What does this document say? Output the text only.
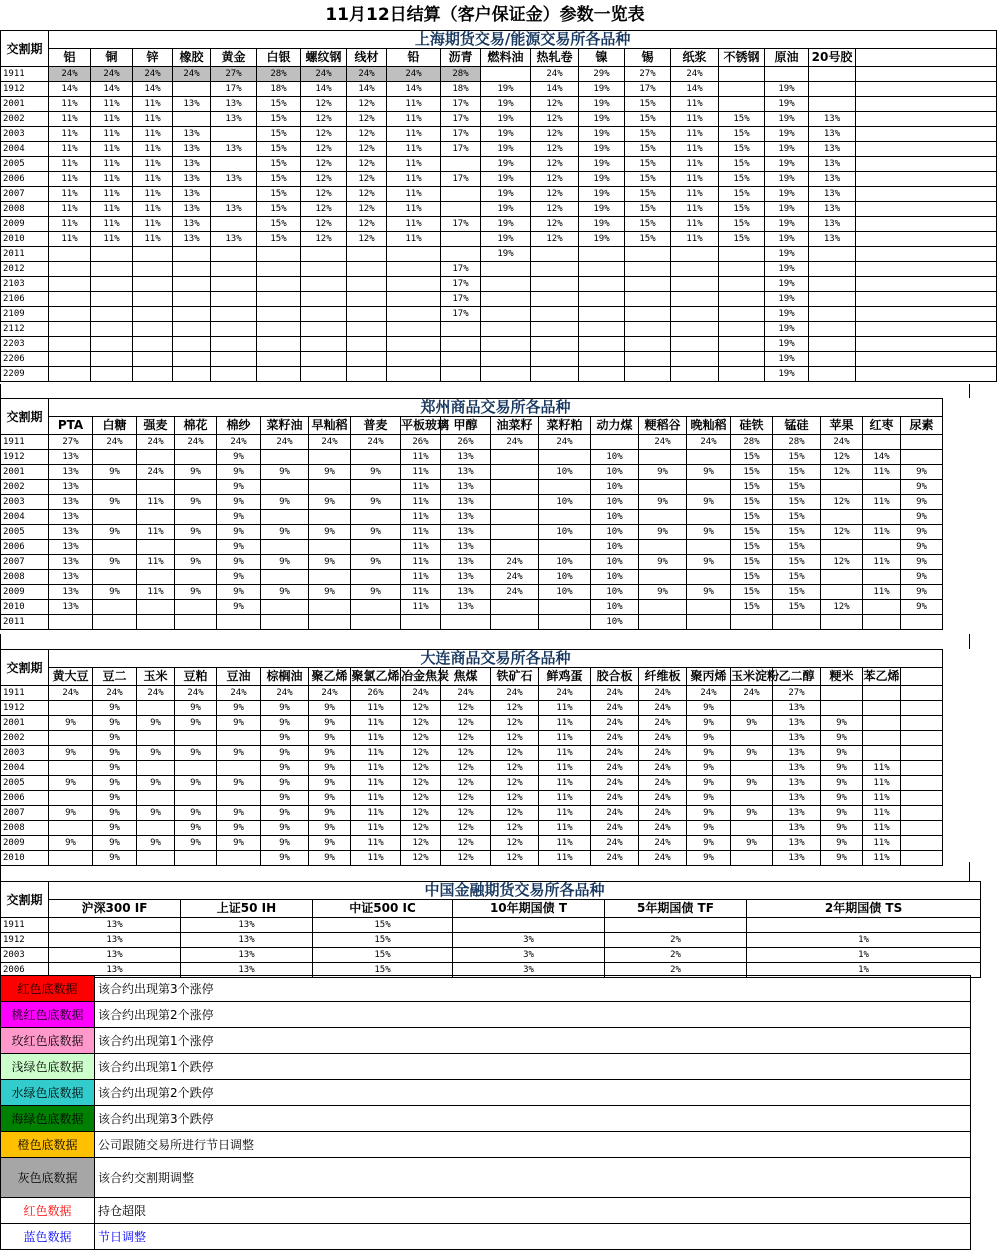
11月12日结算（客户保证金）参数一览表
交割期	上海期货交易/能源交易所各品种																		
	铝	铜	锌	橡胶	黄金	白银	螺纹钢	线材	铅	沥青	燃料油	热轧卷	镍	锡	纸浆	不锈钢	原油	20号胶	
1911	24%	24%	24%	24%	27%	28%	24%	24%	24%	28%		24%	29%	27%	24%				
1912	14%	14%	14%		17%	18%	14%	14%	14%	18%	19%	14%	19%	17%	14%		19%		
2001	11%	11%	11%	13%	13%	15%	12%	12%	11%	17%	19%	12%	19%	15%	11%		19%		
2002	11%	11%	11%		13%	15%	12%	12%	11%	17%	19%	12%	19%	15%	11%	15%	19%	13%	
2003	11%	11%	11%	13%		15%	12%	12%	11%	17%	19%	12%	19%	15%	11%	15%	19%	13%	
2004	11%	11%	11%	13%	13%	15%	12%	12%	11%	17%	19%	12%	19%	15%	11%	15%	19%	13%	
2005	11%	11%	11%	13%		15%	12%	12%	11%		19%	12%	19%	15%	11%	15%	19%	13%	
2006	11%	11%	11%	13%	13%	15%	12%	12%	11%	17%	19%	12%	19%	15%	11%	15%	19%	13%	
2007	11%	11%	11%	13%		15%	12%	12%	11%		19%	12%	19%	15%	11%	15%	19%	13%	
2008	11%	11%	11%	13%	13%	15%	12%	12%	11%		19%	12%	19%	15%	11%	15%	19%	13%	
2009	11%	11%	11%	13%		15%	12%	12%	11%	17%	19%	12%	19%	15%	11%	15%	19%	13%	
2010	11%	11%	11%	13%	13%	15%	12%	12%	11%		19%	12%	19%	15%	11%	15%	19%	13%	
2011											19%						19%		
2012										17%							19%		
2103										17%							19%		
2106										17%							19%		
2109										17%							19%		
2112																	19%		
2203																	19%		
2206																	19%		
2209																	19%		
交割期	郑州商品交易所各品种																			
	PTA	白糖	强麦	棉花	棉纱	菜籽油	早籼稻	普麦	平板玻璃	甲醇	油菜籽	菜籽粕	动力煤	粳稻谷	晚籼稻	硅铁	锰硅	苹果	红枣	尿素
1911	27%	24%	24%	24%	24%	24%	24%	24%	26%	26%	24%	24%		24%	24%	28%	28%	24%		
1912	13%				9%				11%	13%			10%			15%	15%	12%	14%	
2001	13%	9%	24%	9%	9%	9%	9%	9%	11%	13%		10%	10%	9%	9%	15%	15%	12%	11%	9%
2002	13%				9%				11%	13%			10%			15%	15%			9%
2003	13%	9%	11%	9%	9%	9%	9%	9%	11%	13%		10%	10%	9%	9%	15%	15%	12%	11%	9%
2004	13%				9%				11%	13%			10%			15%	15%			9%
2005	13%	9%	11%	9%	9%	9%	9%	9%	11%	13%		10%	10%	9%	9%	15%	15%	12%	11%	9%
2006	13%				9%				11%	13%			10%			15%	15%			9%
2007	13%	9%	11%	9%	9%	9%	9%	9%	11%	13%	24%	10%	10%	9%	9%	15%	15%	12%	11%	9%
2008	13%				9%				11%	13%	24%	10%	10%			15%	15%			9%
2009	13%	9%	11%	9%	9%	9%	9%	9%	11%	13%	24%	10%	10%	9%	9%	15%	15%		11%	9%
2010	13%				9%				11%	13%			10%			15%	15%	12%		9%
2011													10%							
交割期	大连商品交易所各品种																			
	黄大豆	豆二	玉米	豆粕	豆油	棕榈油	聚乙烯	聚氯乙烯	冶金焦炭	焦煤	铁矿石	鲜鸡蛋	胶合板	纤维板	聚丙烯	玉米淀粉	乙二醇	粳米	苯乙烯	
1911	24%	24%	24%	24%	24%	24%	24%	26%	24%	24%	24%	24%	24%	24%	24%	24%	27%			
1912		9%		9%	9%	9%	9%	11%	12%	12%	12%	11%	24%	24%	9%		13%			
2001	9%	9%	9%	9%	9%	9%	9%	11%	12%	12%	12%	11%	24%	24%	9%	9%	13%	9%		
2002		9%				9%	9%	11%	12%	12%	12%	11%	24%	24%	9%		13%	9%		
2003	9%	9%	9%	9%	9%	9%	9%	11%	12%	12%	12%	11%	24%	24%	9%	9%	13%	9%		
2004		9%				9%	9%	11%	12%	12%	12%	11%	24%	24%	9%		13%	9%	11%	
2005	9%	9%	9%	9%	9%	9%	9%	11%	12%	12%	12%	11%	24%	24%	9%	9%	13%	9%	11%	
2006		9%				9%	9%	11%	12%	12%	12%	11%	24%	24%	9%		13%	9%	11%	
2007	9%	9%	9%	9%	9%	9%	9%	11%	12%	12%	12%	11%	24%	24%	9%	9%	13%	9%	11%	
2008		9%		9%	9%	9%	9%	11%	12%	12%	12%	11%	24%	24%	9%		13%	9%	11%	
2009	9%	9%	9%	9%	9%	9%	9%	11%	12%	12%	12%	11%	24%	24%	9%	9%	13%	9%	11%	
2010		9%				9%	9%	11%	12%	12%	12%	11%	24%	24%	9%		13%	9%	11%	
交割期	中国金融期货交易所各品种					
	沪深300 IF	上证50 IH	中证500 IC	10年期国债 T	5年期国债 TF	2年期国债 TS
1911	13%	13%	15%			
1912	13%	13%	15%	3%	2%	1%
2003	13%	13%	15%	3%	2%	1%
2006	13%	13%	15%	3%	2%	1%
红色底数据	该合约出现第3个涨停
桃红色底数据	该合约出现第2个涨停
玫红色底数据	该合约出现第1个涨停
浅绿色底数据	该合约出现第1个跌停
水绿色底数据	该合约出现第2个跌停
海绿色底数据	该合约出现第3个跌停
橙色底数据	公司跟随交易所进行节日调整
灰色底数据	该合约交割期调整
红色数据	持仓超限
蓝色数据	节日调整
